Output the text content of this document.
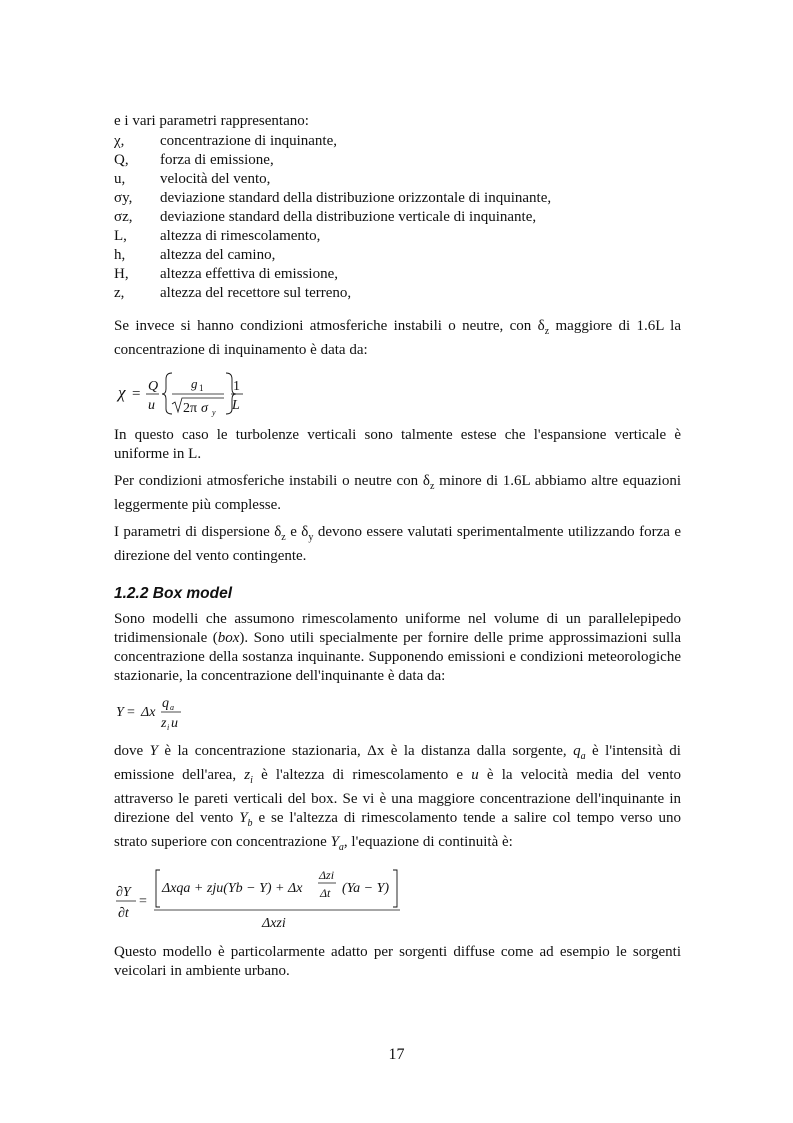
e i vari parametri rappresentano:

χ,	concentrazione di inquinante,
Q,	forza di emissione,
u,	velocità del vento,
σy,	deviazione standard della distribuzione orizzontale di inquinante,
σz,	deviazione standard della distribuzione verticale di inquinante,
L,	altezza di rimescolamento,
h,	altezza del camino,
H,	altezza effettiva di emissione,
z,	altezza del recettore sul terreno,

Se invece si hanno condizioni atmosferiche instabili o neutre, con $\delta_z$ maggiore di 1.6L la concentrazione di inquinamento è data da:

χ = Q
u
g 1
2π σ y
1
L

In questo caso le turbolenze verticali sono talmente estese che l'espansione verticale è uniforme in L.

Per condizioni atmosferiche instabili o neutre con $\delta_z$ minore di 1.6L abbiamo altre equazioni leggermente più complesse.

I parametri di dispersione $\delta_z$ e $\delta_y$ devono essere valutati sperimentalmente utilizzando forza e direzione del vento contingente.

1.2.2 Box model

Sono modelli che assumono rimescolamento uniforme nel volume di un parallelepipedo tridimensionale (box). Sono utili specialmente per fornire delle prime approssimazioni sulla concentrazione della sostanza inquinante. Supponendo emissioni e condizioni meteorologiche stazionarie, la concentrazione dell'inquinante è data da:

Y = Δx
q a
z i u

dove Y è la concentrazione stazionaria, Δx è la distanza dalla sorgente, $q_a$ è l'intensità di emissione dell'area, $z_i$ è l'altezza di rimescolamento e u è la velocità media del vento attraverso le pareti verticali del box. Se vi è una maggiore concentrazione dell'inquinante in direzione del vento $Y_b$ e se l'altezza di rimescolamento tende a salire col tempo verso uno strato superiore con concentrazione $Y_a$, l'equazione di continuità è:

∂Y
∂t
=
Δxqa + zju(Yb − Y) + Δx
Δzi
Δt (Ya − Y)
Δxzi

Questo modello è particolarmente adatto per sorgenti diffuse come ad esempio le sorgenti veicolari in ambiente urbano.

17
